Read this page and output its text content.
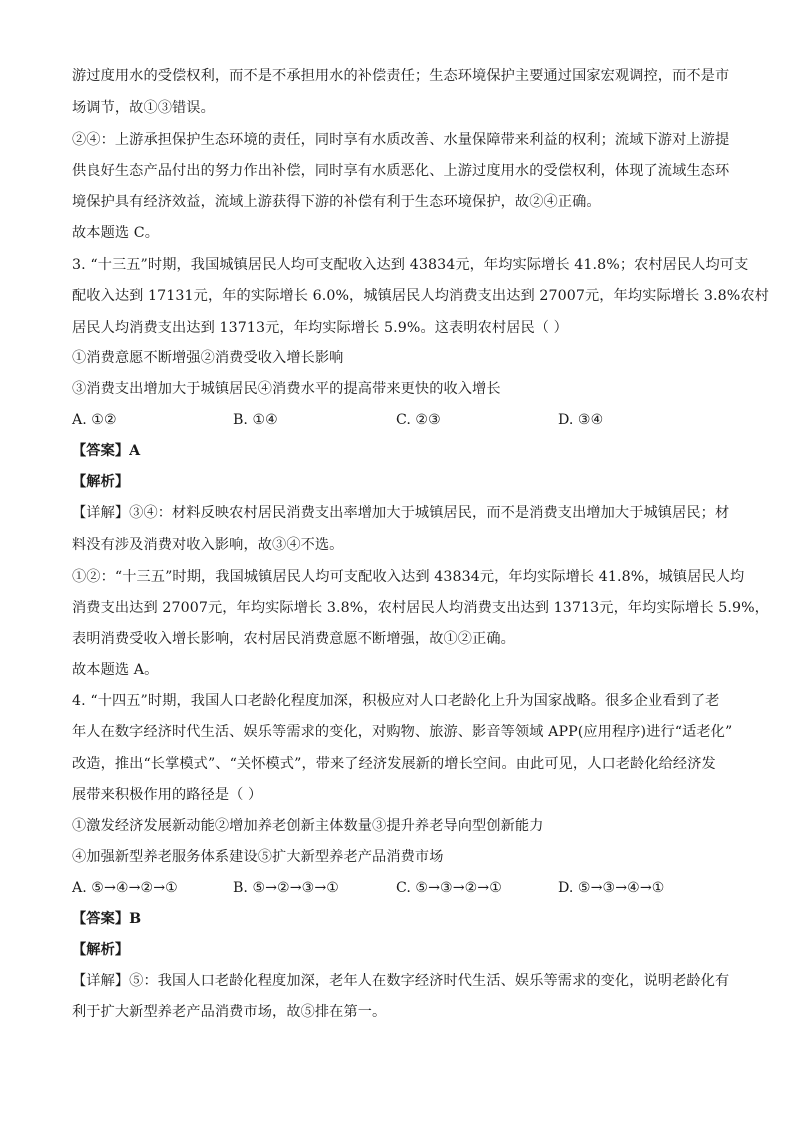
游过度用水的受偿权利，而不是不承担用水的补偿责任；生态环境保护主要通过国家宏观调控，而不是市
场调节，故①③错误。
②④：上游承担保护生态环境的责任，同时享有水质改善、水量保障带来利益的权利；流域下游对上游提
供良好生态产品付出的努力作出补偿，同时享有水质恶化、上游过度用水的受偿权利，体现了流域生态环
境保护具有经济效益，流域上游获得下游的补偿有利于生态环境保护，故②④正确。
故本题选 C。
3. “十三五”时期，我国城镇居民人均可支配收入达到 43834元，年均实际增长 41.8%；农村居民人均可支
配收入达到 17131元，年的实际增长 6.0%，城镇居民人均消费支出达到 27007元，年均实际增长 3.8%农村
居民人均消费支出达到 13713元，年均实际增长 5.9%。这表明农村居民（ ）
①消费意愿不断增强②消费受收入增长影响
③消费支出增加大于城镇居民④消费水平的提高带来更快的收入增长
A. ①②	B. ①④	C. ②③	D. ③④
【答案】A
【解析】
【详解】③④：材料反映农村居民消费支出率增加大于城镇居民，而不是消费支出增加大于城镇居民；材
料没有涉及消费对收入影响，故③④不选。
①②：“十三五”时期，我国城镇居民人均可支配收入达到 43834元，年均实际增长 41.8%，城镇居民人均
消费支出达到 27007元，年均实际增长 3.8%，农村居民人均消费支出达到 13713元，年均实际增长 5.9%，
表明消费受收入增长影响，农村居民消费意愿不断增强，故①②正确。
故本题选 A。
4. “十四五”时期，我国人口老龄化程度加深，积极应对人口老龄化上升为国家战略。很多企业看到了老
年人在数字经济时代生活、娱乐等需求的变化，对购物、旅游、影音等领域 APP(应用程序)进行“适老化”
改造，推出“长掌模式”、“关怀模式”，带来了经济发展新的增长空间。由此可见，人口老龄化给经济发
展带来积极作用的路径是（ ）
①激发经济发展新动能②增加养老创新主体数量③提升养老导向型创新能力
④加强新型养老服务体系建设⑤扩大新型养老产品消费市场
A. ⑤→④→②→①	B. ⑤→②→③→①	C. ⑤→③→②→①	D. ⑤→③→④→①
【答案】B
【解析】
【详解】⑤：我国人口老龄化程度加深，老年人在数字经济时代生活、娱乐等需求的变化，说明老龄化有
利于扩大新型养老产品消费市场，故⑤排在第一。
